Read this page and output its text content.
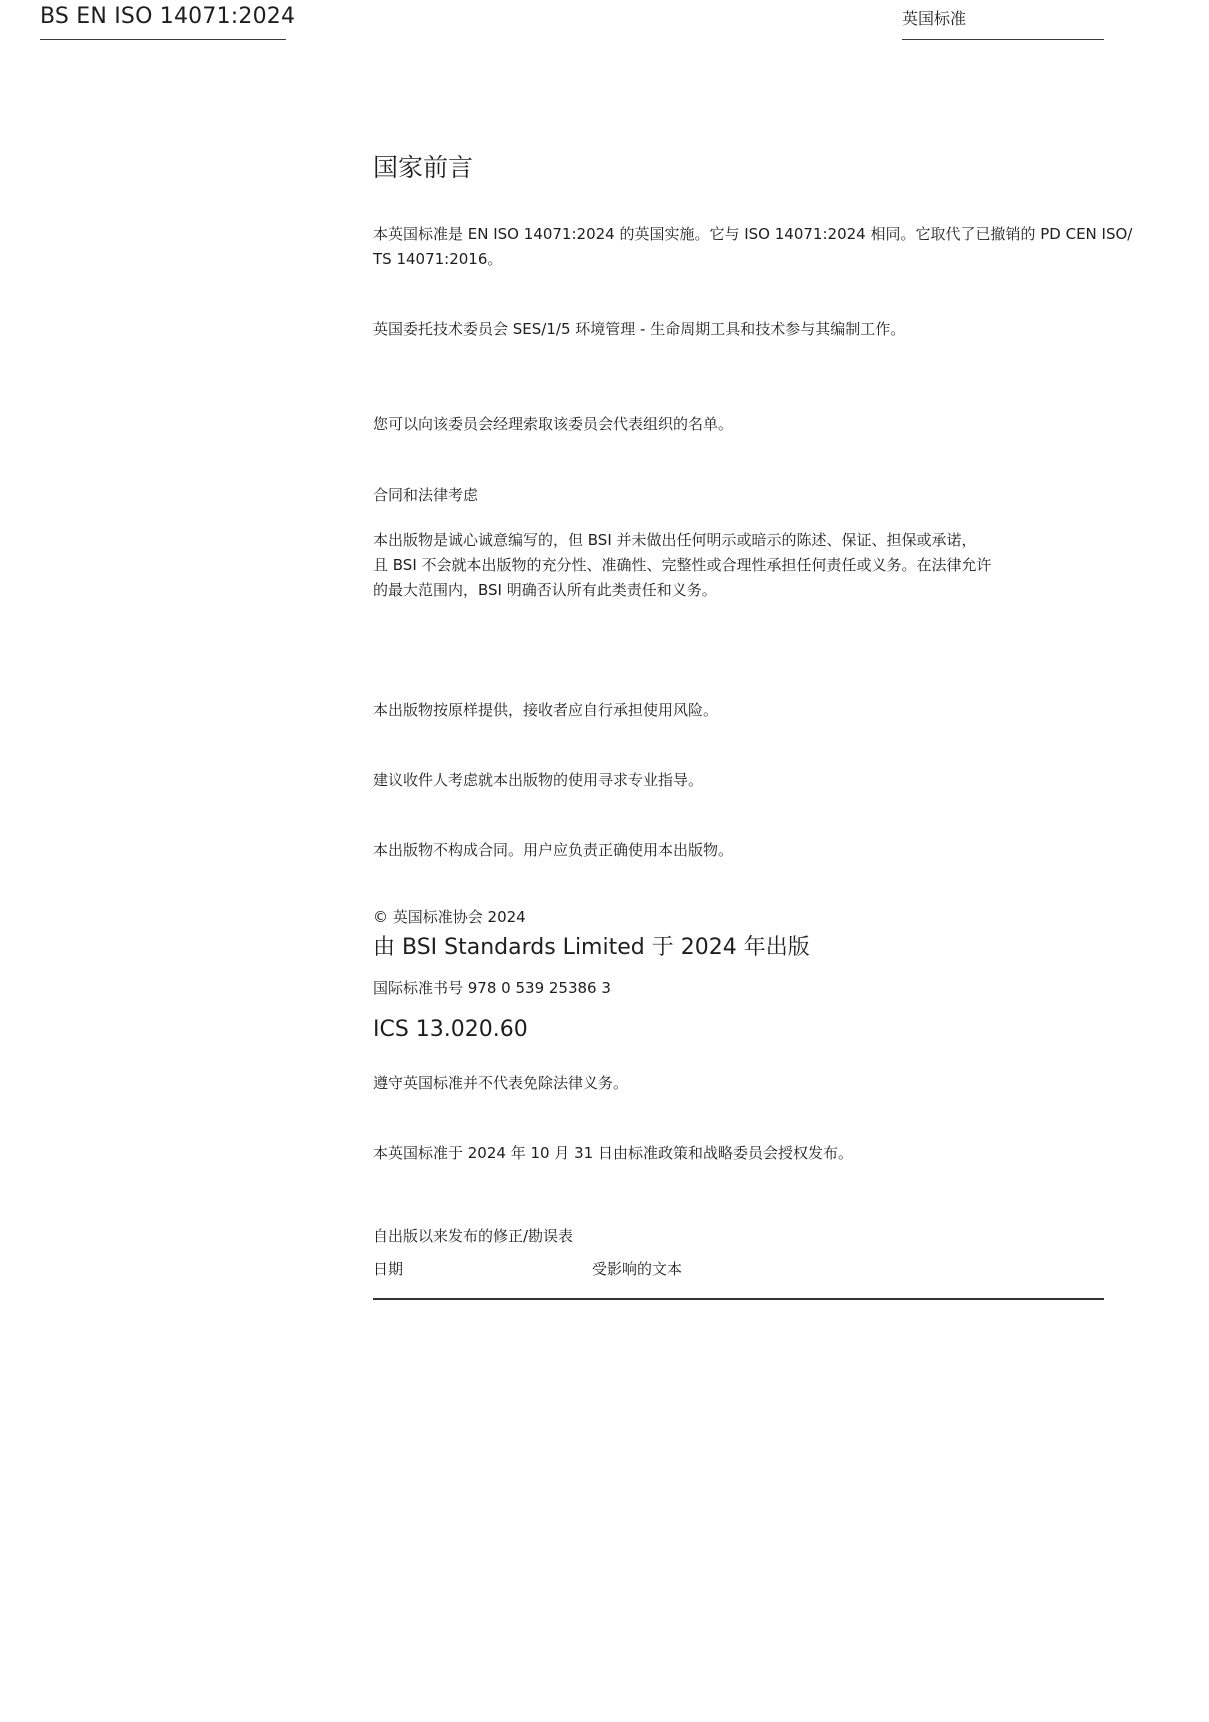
BS EN ISO 14071:2024	英国标准
国家前言
本英国标准是 EN ISO 14071:2024 的英国实施。它与 ISO 14071:2024 相同。它取代了已撤销的 PD CEN ISO/
TS 14071:2016。
英国委托技术委员会 SES/1/5 环境管理 - 生命周期工具和技术参与其编制工作。
您可以向该委员会经理索取该委员会代表组织的名单。
合同和法律考虑
本出版物是诚心诚意编写的，但 BSI 并未做出任何明示或暗示的陈述、保证、担保或承诺，
且 BSI 不会就本出版物的充分性、准确性、完整性或合理性承担任何责任或义务。在法律允许
的最大范围内，BSI 明确否认所有此类责任和义务。
本出版物按原样提供，接收者应自行承担使用风险。
建议收件人考虑就本出版物的使用寻求专业指导。
本出版物不构成合同。用户应负责正确使用本出版物。
© 英国标准协会 2024
由 BSI Standards Limited 于 2024 年出版
国际标准书号 978 0 539 25386 3
ICS 13.020.60
遵守英国标准并不代表免除法律义务。
本英国标准于 2024 年 10 月 31 日由标准政策和战略委员会授权发布。
自出版以来发布的修正/勘误表
日期	受影响的文本
